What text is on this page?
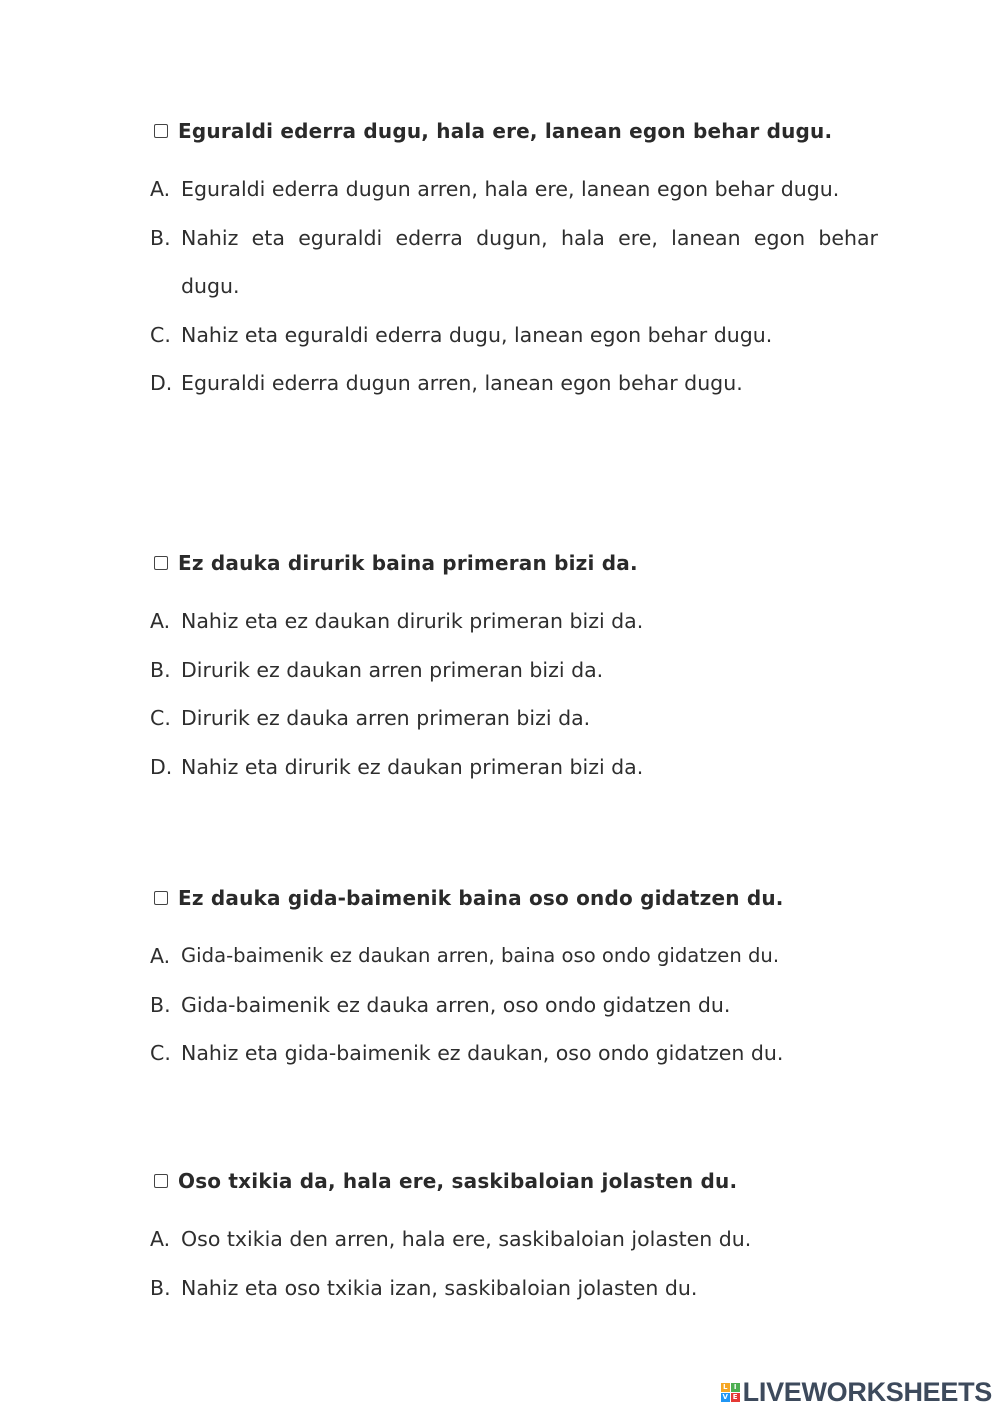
Eguraldi ederra dugu, hala ere, lanean egon behar dugu.
A. Eguraldi ederra dugun arren, hala ere, lanean egon behar dugu.
B. Nahiz eta eguraldi ederra dugun, hala ere, lanean egon behar dugu.
C. Nahiz eta eguraldi ederra dugu, lanean egon behar dugu.
D. Eguraldi ederra dugun arren, lanean egon behar dugu.
Ez dauka dirurik baina primeran bizi da.
A. Nahiz eta ez daukan dirurik primeran bizi da.
B. Dirurik ez daukan arren primeran bizi da.
C. Dirurik ez dauka arren primeran bizi da.
D. Nahiz eta dirurik ez daukan primeran bizi da.
Ez dauka gida-baimenik baina oso ondo gidatzen du.
A. Gida-baimenik ez daukan arren, baina oso ondo gidatzen du.
B. Gida-baimenik ez dauka arren, oso ondo gidatzen du.
C. Nahiz eta gida-baimenik ez daukan, oso ondo gidatzen du.
Oso txikia da, hala ere, saskibaloian jolasten du.
A. Oso txikia den arren, hala ere, saskibaloian jolasten du.
B. Nahiz eta oso txikia izan, saskibaloian jolasten du.
L I
V E LIVEWORKSHEETS
